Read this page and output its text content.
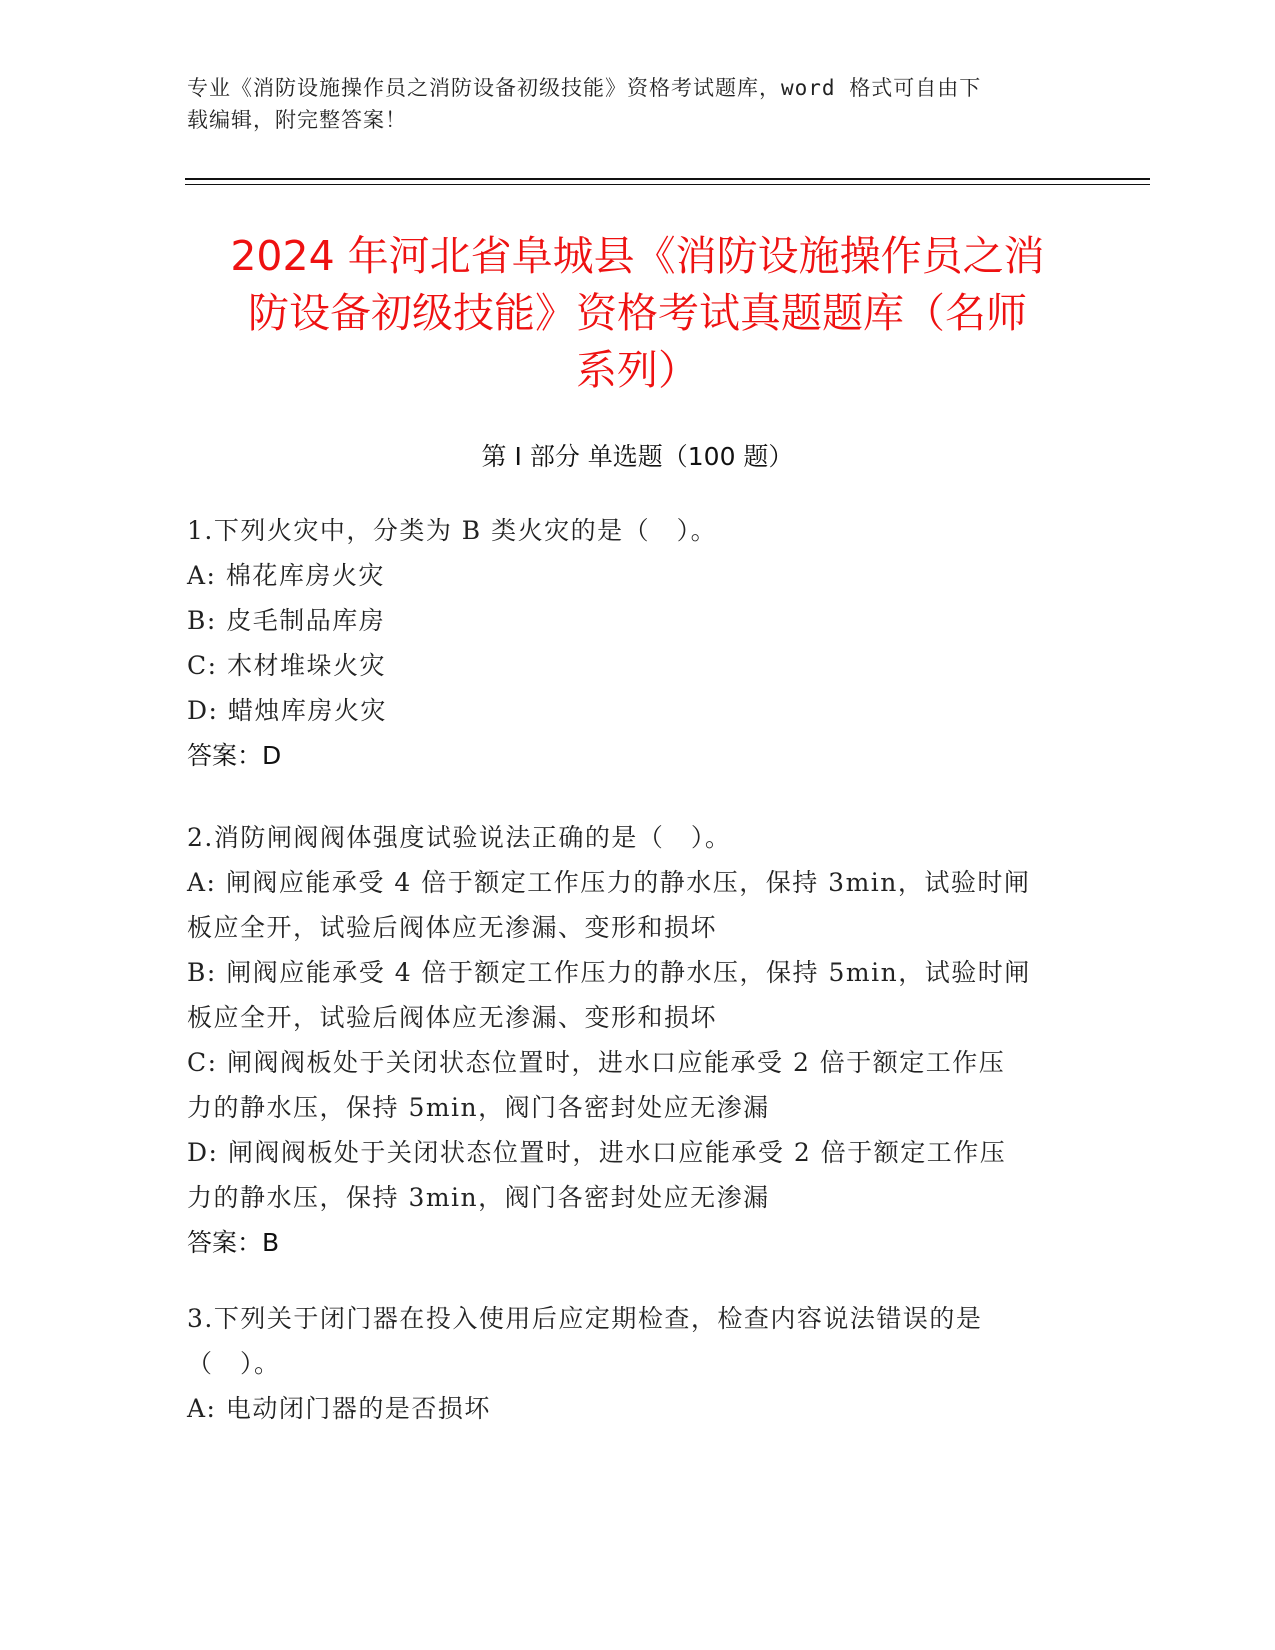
专业《消防设施操作员之消防设备初级技能》资格考试题库，word 格式可自由下
载编辑，附完整答案！
2024 年河北省阜城县《消防设施操作员之消
防设备初级技能》资格考试真题题库（名师
系列）
第 I 部分 单选题（100 题）
1.下列火灾中，分类为 B 类火灾的是（　）。
A: 棉花库房火灾
B: 皮毛制品库房
C: 木材堆垛火灾
D: 蜡烛库房火灾
答案：D
2.消防闸阀阀体强度试验说法正确的是（　）。
A: 闸阀应能承受 4 倍于额定工作压力的静水压，保持 3min，试验时闸
板应全开，试验后阀体应无渗漏、变形和损坏
B: 闸阀应能承受 4 倍于额定工作压力的静水压，保持 5min，试验时闸
板应全开，试验后阀体应无渗漏、变形和损坏
C: 闸阀阀板处于关闭状态位置时，进水口应能承受 2 倍于额定工作压
力的静水压，保持 5min，阀门各密封处应无渗漏
D: 闸阀阀板处于关闭状态位置时，进水口应能承受 2 倍于额定工作压
力的静水压，保持 3min，阀门各密封处应无渗漏
答案：B
3.下列关于闭门器在投入使用后应定期检查，检查内容说法错误的是
（　）。
A: 电动闭门器的是否损坏
